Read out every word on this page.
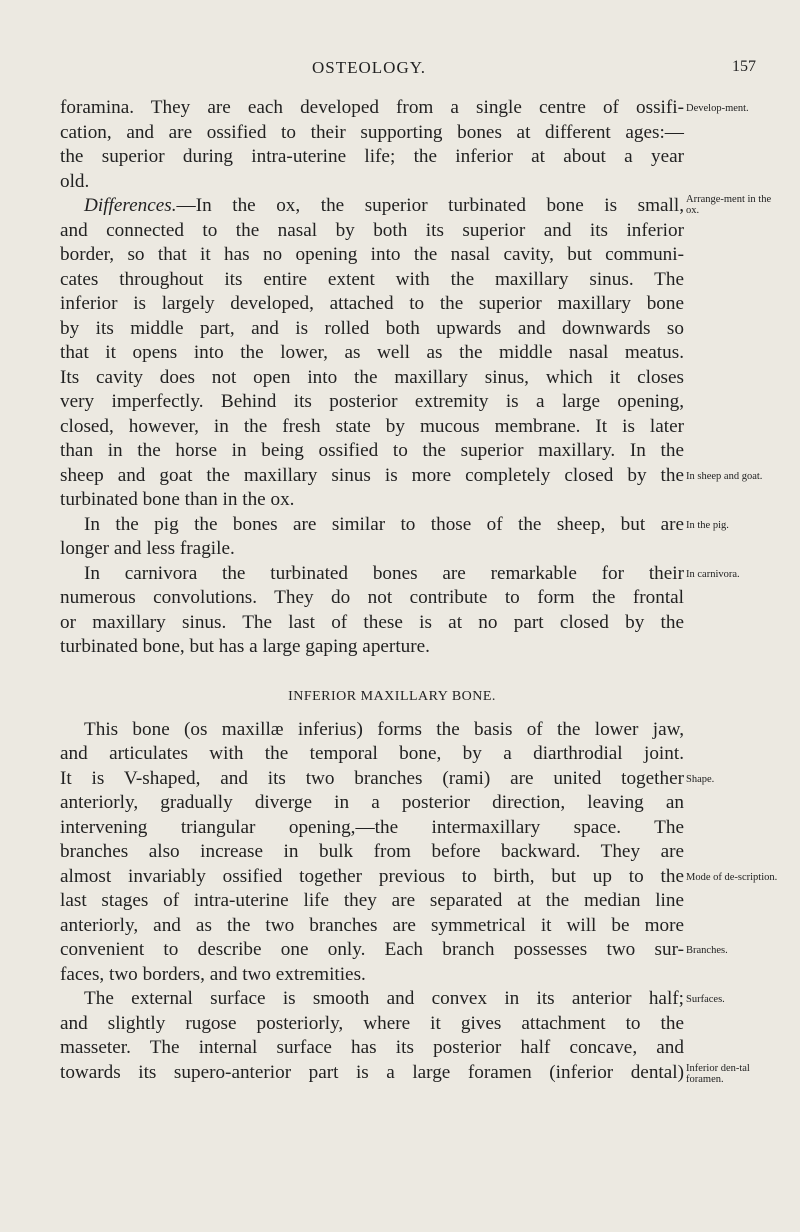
OSTEOLOGY.	157
foramina. They are each developed from a single centre of ossifi- Develop-ment.
cation, and are ossified to their supporting bones at different ages:—
the superior during intra-uterine life; the inferior at about a year
old.
Differences.—In the ox, the superior turbinated bone is small, Arrange-ment in the ox.
and connected to the nasal by both its superior and its inferior
border, so that it has no opening into the nasal cavity, but communi-
cates throughout its entire extent with the maxillary sinus. The
inferior is largely developed, attached to the superior maxillary bone
by its middle part, and is rolled both upwards and downwards so
that it opens into the lower, as well as the middle nasal meatus.
Its cavity does not open into the maxillary sinus, which it closes
very imperfectly. Behind its posterior extremity is a large opening,
closed, however, in the fresh state by mucous membrane. It is later
than in the horse in being ossified to the superior maxillary. In the
sheep and goat the maxillary sinus is more completely closed by the In sheep and goat.
turbinated bone than in the ox.
In the pig the bones are similar to those of the sheep, but are In the pig.
longer and less fragile.
In carnivora the turbinated bones are remarkable for their In carnivora.
numerous convolutions. They do not contribute to form the frontal
or maxillary sinus. The last of these is at no part closed by the
turbinated bone, but has a large gaping aperture.
INFERIOR MAXILLARY BONE.
This bone (os maxillæ inferius) forms the basis of the lower jaw,
and articulates with the temporal bone, by a diarthrodial joint.
It is V-shaped, and its two branches (rami) are united together Shape.
anteriorly, gradually diverge in a posterior direction, leaving an
intervening triangular opening,—the intermaxillary space. The
branches also increase in bulk from before backward. They are
almost invariably ossified together previous to birth, but up to the Mode of de-scription.
last stages of intra-uterine life they are separated at the median line
anteriorly, and as the two branches are symmetrical it will be more
convenient to describe one only. Each branch possesses two sur- Branches.
faces, two borders, and two extremities.
The external surface is smooth and convex in its anterior half; Surfaces.
and slightly rugose posteriorly, where it gives attachment to the
masseter. The internal surface has its posterior half concave, and
towards its supero-anterior part is a large foramen (inferior dental) Inferior den-tal foramen.
